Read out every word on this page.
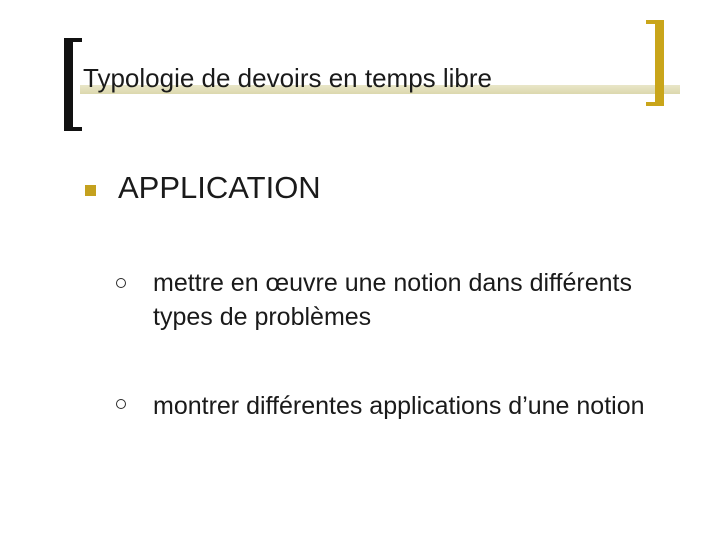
Typologie de devoirs en temps libre
APPLICATION
mettre en œuvre une notion dans différents types de problèmes
montrer différentes applications d’une notion
